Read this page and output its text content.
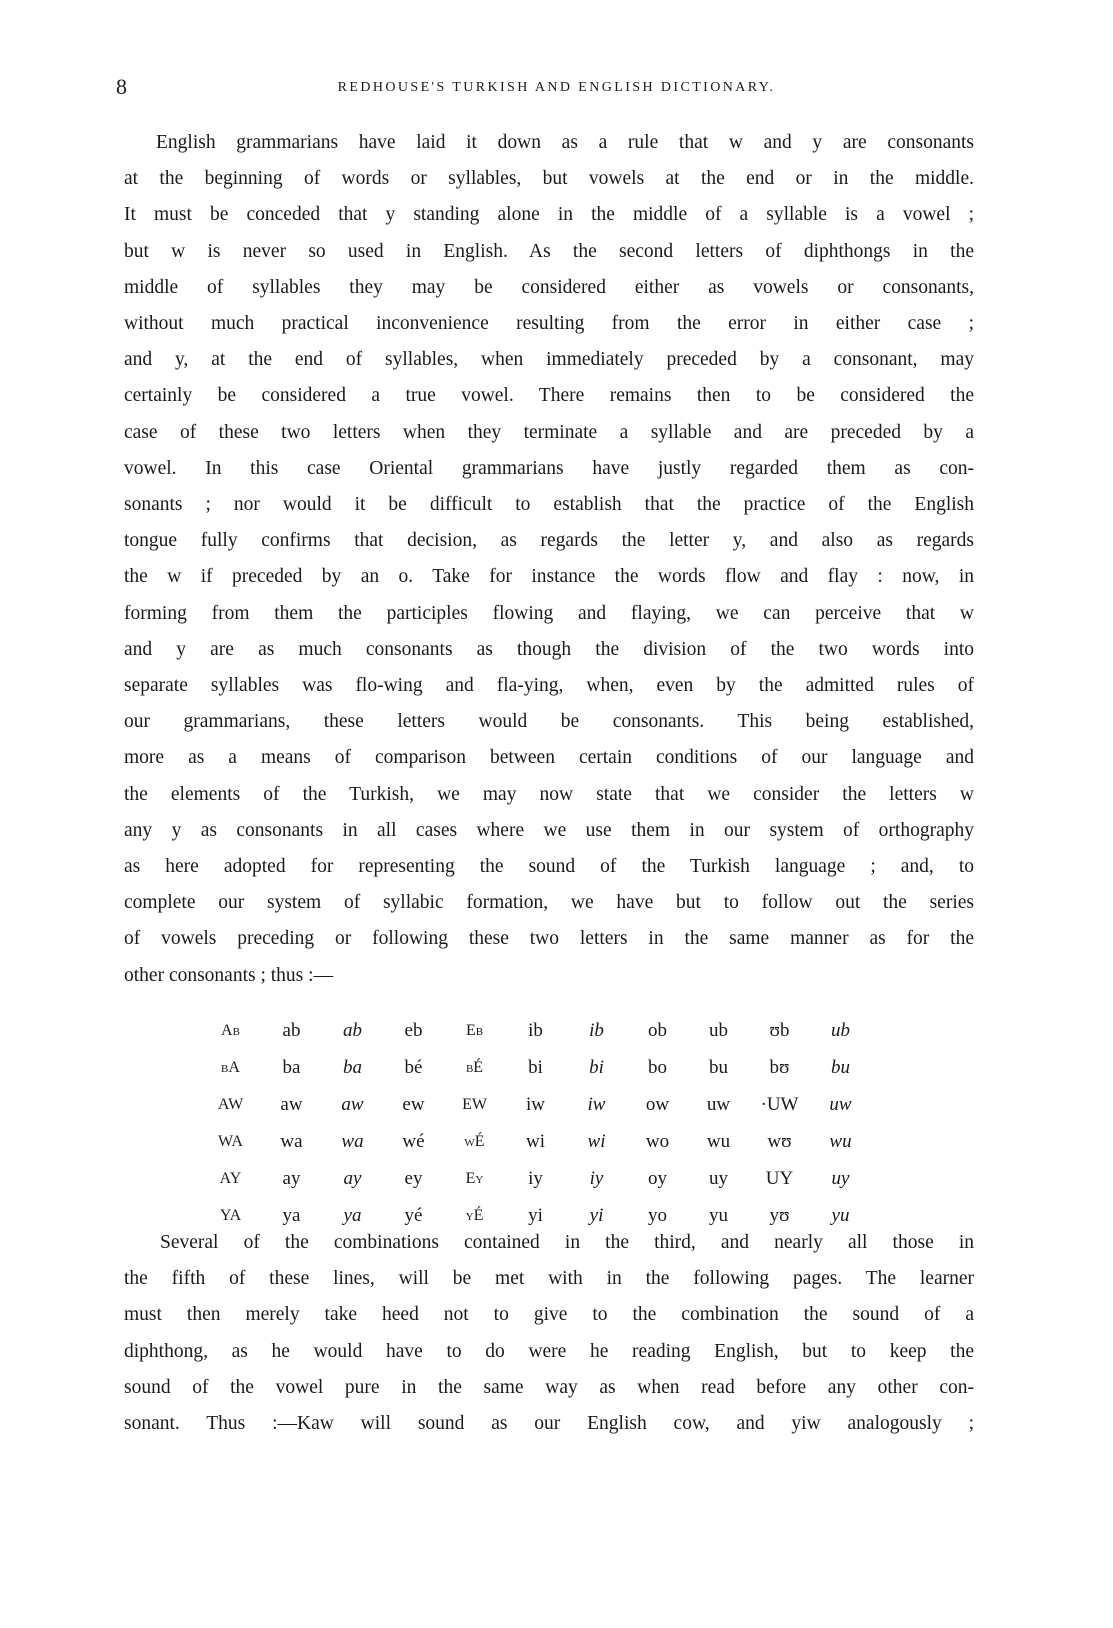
8	REDHOUSE'S TURKISH AND ENGLISH DICTIONARY.
English grammarians have laid it down as a rule that w and y are consonants
at the beginning of words or syllables, but vowels at the end or in the middle.
It must be conceded that y standing alone in the middle of a syllable is a vowel ;
but w is never so used in English. As the second letters of diphthongs in the
middle of syllables they may be considered either as vowels or consonants,
without much practical inconvenience resulting from the error in either case ;
and y, at the end of syllables, when immediately preceded by a consonant, may
certainly be considered a true vowel. There remains then to be considered the
case of these two letters when they terminate a syllable and are preceded by a
vowel. In this case Oriental grammarians have justly regarded them as con-
sonants ; nor would it be difficult to establish that the practice of the English
tongue fully confirms that decision, as regards the letter y, and also as regards
the w if preceded by an o. Take for instance the words flow and flay : now, in
forming from them the participles flowing and flaying, we can perceive that w
and y are as much consonants as though the division of the two words into
separate syllables was flo-wing and fla-ying, when, even by the admitted rules of
our grammarians, these letters would be consonants. This being established,
more as a means of comparison between certain conditions of our language and
the elements of the Turkish, we may now state that we consider the letters w
any y as consonants in all cases where we use them in our system of orthography
as here adopted for representing the sound of the Turkish language ; and, to
complete our system of syllabic formation, we have but to follow out the series
of vowels preceding or following these two letters in the same manner as for the
other consonants ; thus :—
Ab	ab	ab	eb	Eb	ib	ib	ob	ub	ʊb	ub
bA	ba	ba	bé	bÉ	bi	bi	bo	bu	bʊ	bu
AW	aw	aw	ew	EW	iw	iw	ow	uw	·UW	uw
WA	wa	wa	wé	wÉ	wi	wi	wo	wu	wʊ	wu
AY	ay	ay	ey	Ey	iy	iy	oy	uy	UY	uy
YA	ya	ya	yé	yÉ	yi	yi	yo	yu	yʊ	yu
Several of the combinations contained in the third, and nearly all those in
the fifth of these lines, will be met with in the following pages. The learner
must then merely take heed not to give to the combination the sound of a
diphthong, as he would have to do were he reading English, but to keep the
sound of the vowel pure in the same way as when read before any other con-
sonant. Thus :—Kaw will sound as our English cow, and yiw analogously ;
